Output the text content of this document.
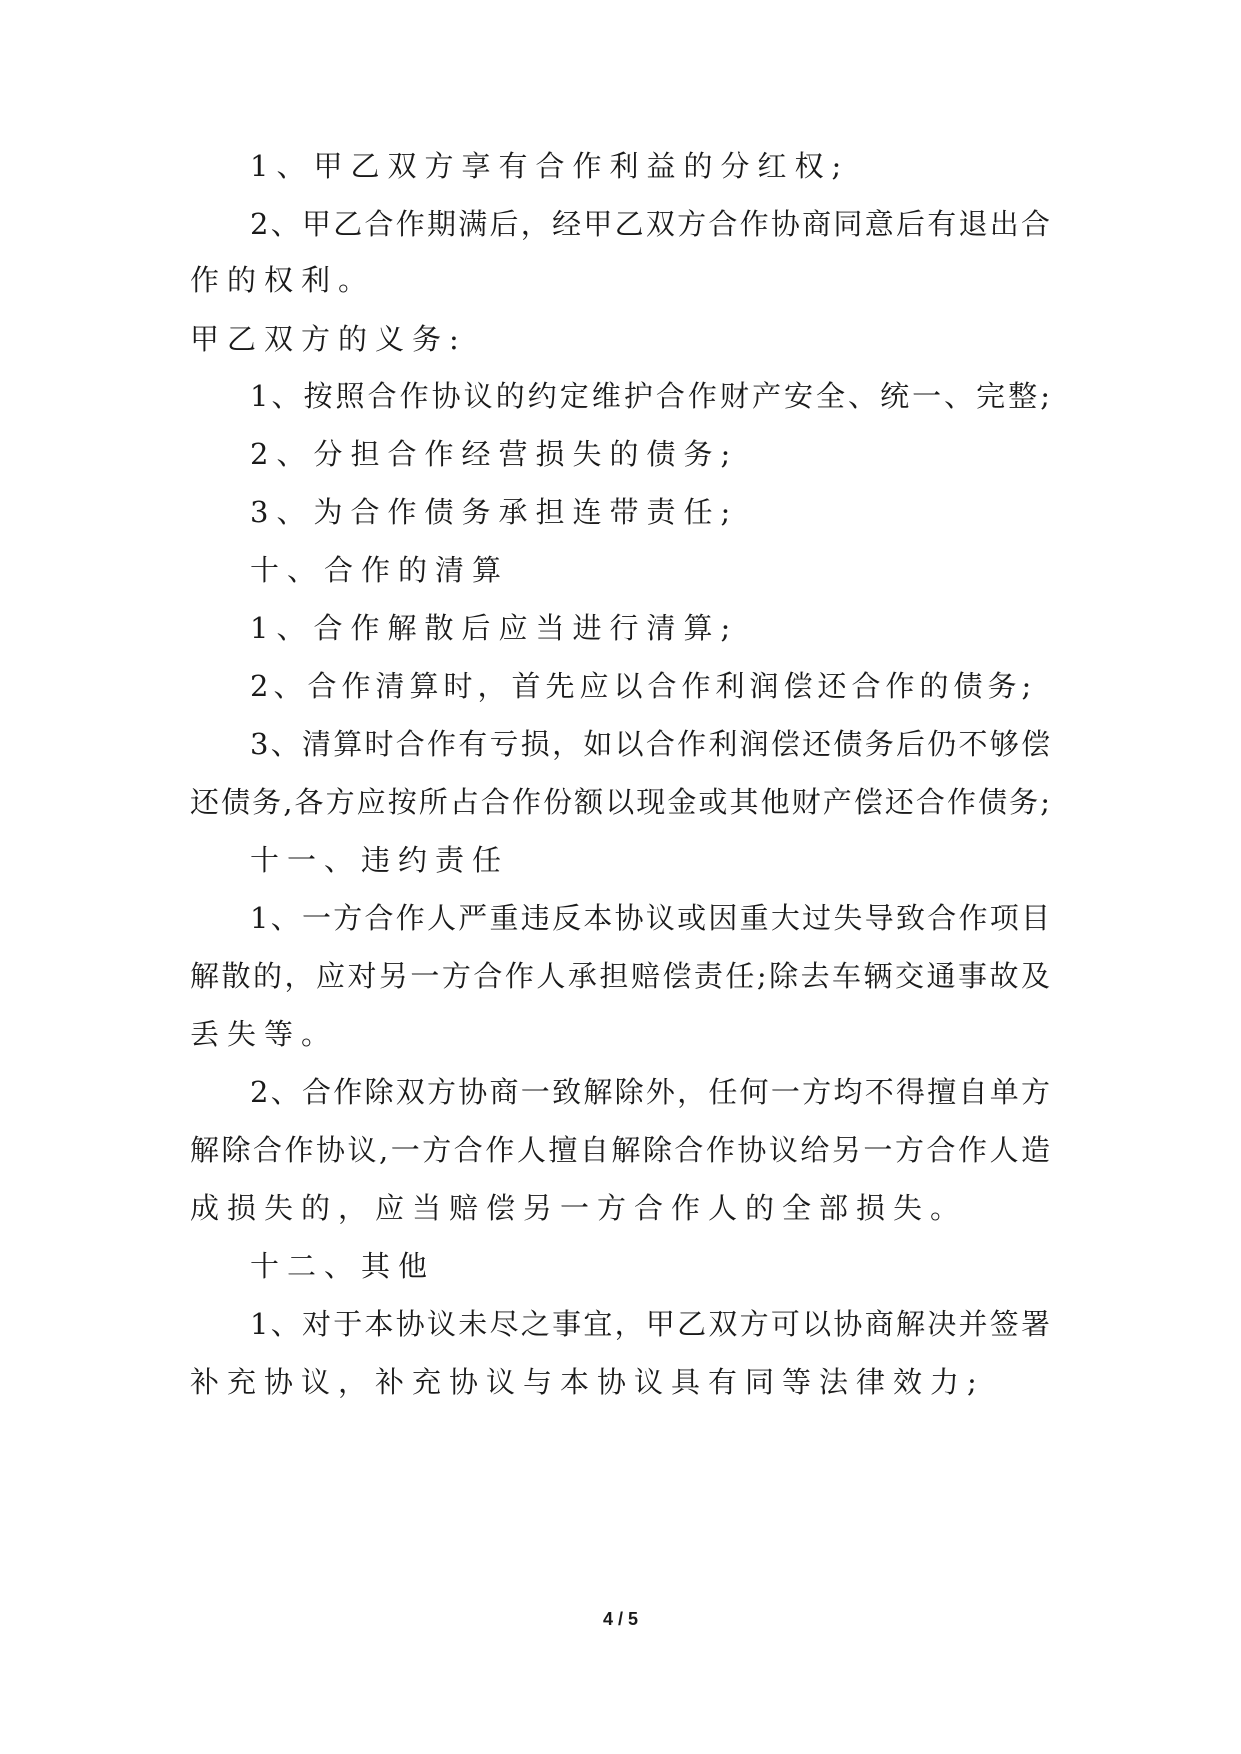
1、甲乙双方享有合作利益的分红权;
2、甲乙合作期满后，经甲乙双方合作协商同意后有退出合
作的权利。
甲乙双方的义务:
1、按照合作协议的约定维护合作财产安全、统一、完整;
2、分担合作经营损失的债务;
3、为合作债务承担连带责任;
十、合作的清算
1、合作解散后应当进行清算;
2、合作清算时，首先应以合作利润偿还合作的债务;
3、清算时合作有亏损，如以合作利润偿还债务后仍不够偿
还债务,各方应按所占合作份额以现金或其他财产偿还合作债务;
十一、违约责任
1、一方合作人严重违反本协议或因重大过失导致合作项目
解散的，应对另一方合作人承担赔偿责任;除去车辆交通事故及
丢失等。
2、合作除双方协商一致解除外，任何一方均不得擅自单方
解除合作协议,一方合作人擅自解除合作协议给另一方合作人造
成损失的，应当赔偿另一方合作人的全部损失。
十二、其他
1、对于本协议未尽之事宜，甲乙双方可以协商解决并签署
补充协议，补充协议与本协议具有同等法律效力;
4 / 5
